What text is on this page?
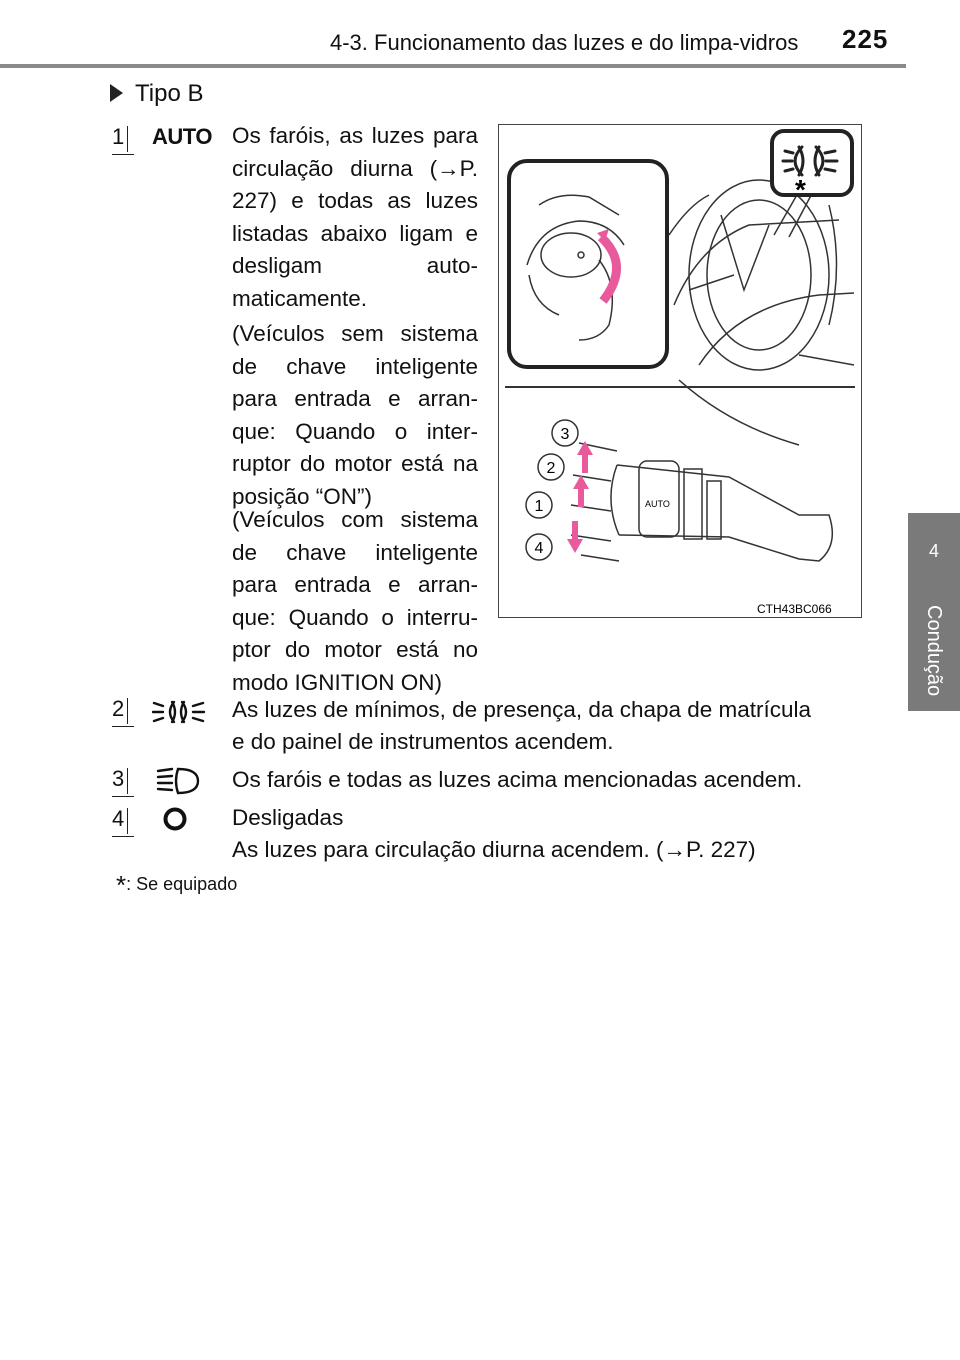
4-3. Funcionamento das luzes e do limpa-vidros 225
4
Condução
Tipo B
1 AUTO Os faróis, as luzes para circulação diurna (→P. 227) e todas as luzes listadas abaixo ligam e desligam auto-maticamente.
(Veículos sem sistema de chave inteligente para entrada e arran-que: Quando o inter-ruptor do motor está na posição “ON”)
(Veículos com sistema de chave inteligente para entrada e arran-que: Quando o interru-ptor do motor está no modo IGNITION ON)
*
AUTO
3
2
1
4
CTH43BC066
2	As luzes de mínimos, de presença, da chapa de matrícula
e do painel de instrumentos acendem.
3	Os faróis e todas as luzes acima mencionadas acendem.
4	Desligadas
As luzes para circulação diurna acendem. (→P. 227)
*: Se equipado
